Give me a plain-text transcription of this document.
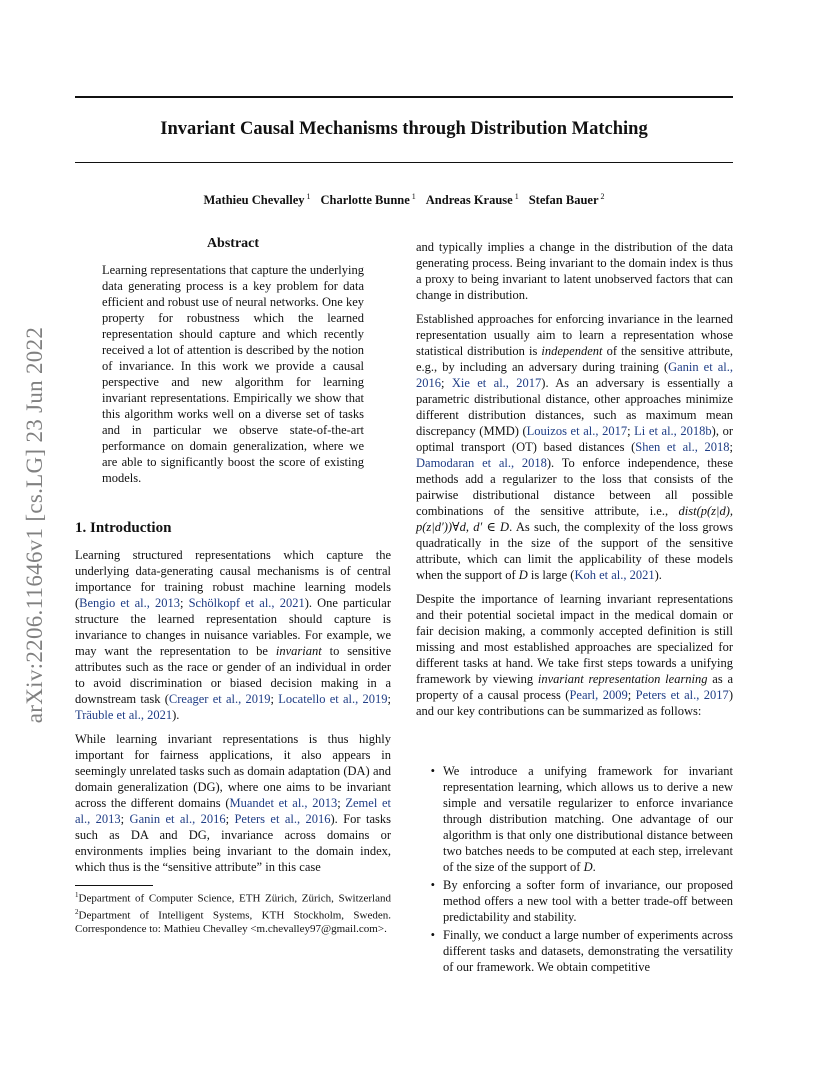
Invariant Causal Mechanisms through Distribution Matching
Mathieu Chevalley $^1$ Charlotte Bunne $^1$ Andreas Krause $^1$ Stefan Bauer $^2$
arXiv:2206.11646v1 [cs.LG] 23 Jun 2022
Abstract
Learning representations that capture the underlying data generating process is a key problem for data efficient and robust use of neural networks. One key property for robustness which the learned representation should capture and which recently received a lot of attention is described by the notion of invariance. In this work we provide a causal perspective and new algorithm for learning invariant representations. Empirically we show that this algorithm works well on a diverse set of tasks and in particular we observe state-of-the-art performance on domain generalization, where we are able to significantly boost the score of existing models.
1. Introduction

Learning structured representations which capture the underlying data-generating causal mechanisms is of central importance for training robust machine learning models (Bengio et al., 2013; Schölkopf et al., 2021). One particular structure the learned representation should capture is invariance to changes in nuisance variables. For example, we may want the representation to be invariant to sensitive attributes such as the race or gender of an individual in order to avoid discrimination or biased decision making in a downstream task (Creager et al., 2019; Locatello et al., 2019; Träuble et al., 2021).

While learning invariant representations is thus highly important for fairness applications, it also appears in seemingly unrelated tasks such as domain adaptation (DA) and domain generalization (DG), where one aims to be invariant across the different domains (Muandet et al., 2013; Zemel et al., 2013; Ganin et al., 2016; Peters et al., 2016). For tasks such as DA and DG, invariance across domains or environments implies being invariant to the domain index, which thus is the “sensitive attribute” in this case

$^1$Department of Computer Science, ETH Zürich, Zürich, Switzerland $^2$Department of Intelligent Systems, KTH Stockholm, Sweden. Correspondence to: Mathieu Chevalley <m.chevalley97@gmail.com>.

and typically implies a change in the distribution of the data generating process. Being invariant to the domain index is thus a proxy to being invariant to latent unobserved factors that can change in distribution.

Established approaches for enforcing invariance in the learned representation usually aim to learn a representation whose statistical distribution is independent of the sensitive attribute, e.g., by including an adversary during training (Ganin et al., 2016; Xie et al., 2017). As an adversary is essentially a parametric distributional distance, other approaches minimize different distribution distances, such as maximum mean discrepancy (MMD) (Louizos et al., 2017; Li et al., 2018b), or optimal transport (OT) based distances (Shen et al., 2018; Damodaran et al., 2018). To enforce independence, these methods add a regularizer to the loss that consists of the pairwise distributional distance between all possible combinations of the sensitive attribute, i.e., dist(p(z|d), p(z|d′))∀d, d′ ∈ D. As such, the complexity of the loss grows quadratically in the size of the support of the sensitive attribute, which can limit the applicability of these models when the support of D is large (Koh et al., 2021).

Despite the importance of learning invariant representations and their potential societal impact in the medical domain or fair decision making, a commonly accepted definition is still missing and most established approaches are specialized for different tasks at hand. We take first steps towards a unifying framework by viewing invariant representation learning as a property of a causal process (Pearl, 2009; Peters et al., 2017) and our key contributions can be summarized as follows:

• We introduce a unifying framework for invariant representation learning, which allows us to derive a new simple and versatile regularizer to enforce invariance through distribution matching. One advantage of our algorithm is that only one distributional distance between two batches needs to be computed at each step, irrelevant of the size of the support of D.
• By enforcing a softer form of invariance, our proposed method offers a new tool with a better trade-off between predictability and stability.
• Finally, we conduct a large number of experiments across different tasks and datasets, demonstrating the versatility of our framework. We obtain competitive
